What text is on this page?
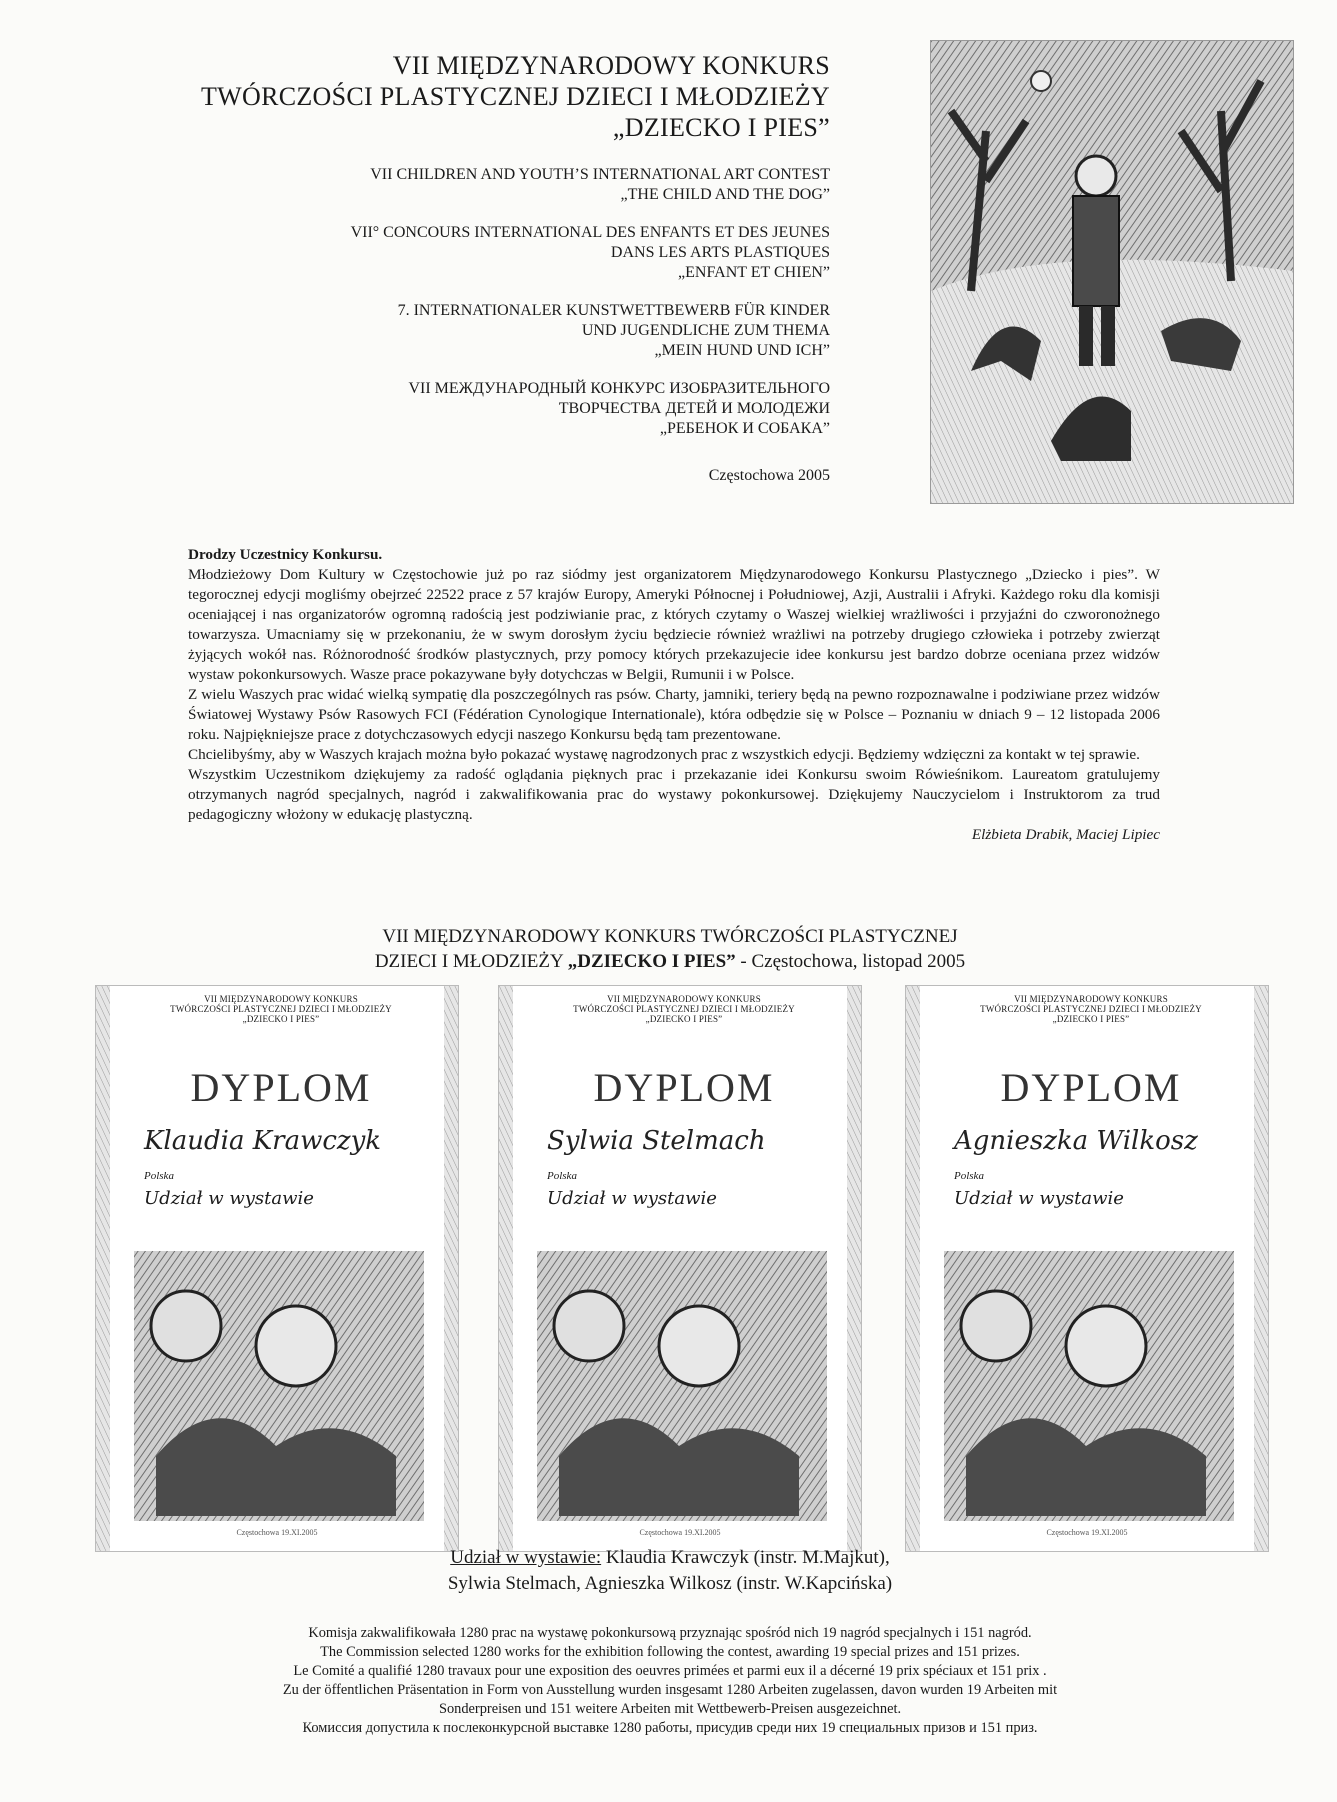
VII MIĘDZYNARODOWY KONKURS
TWÓRCZOŚCI PLASTYCZNEJ DZIECI I MŁODZIEŻY
„DZIECKO I PIES”
VII CHILDREN AND YOUTH’S INTERNATIONAL ART CONTEST
„THE CHILD AND THE DOG”
VII° CONCOURS INTERNATIONAL DES ENFANTS ET DES JEUNES
DANS LES ARTS PLASTIQUES
„ENFANT ET CHIEN”
7. INTERNATIONALER KUNSTWETTBEWERB FÜR KINDER
UND JUGENDLICHE ZUM THEMA
„MEIN HUND UND ICH”
VII МЕЖДУНАРОДНЫЙ КОНКУРС ИЗОБРАЗИТЕЛЬНОГО
ТВОРЧЕСТВА ДЕТЕЙ И МОЛОДЕЖИ
„РЕБЕНОК И СОБАКА”
Częstochowa 2005

Drodzy Uczestnicy Konkursu.

Młodzieżowy Dom Kultury w Częstochowie już po raz siódmy jest organizatorem Międzynarodowego Konkursu Plastycznego „Dziecko i pies”. W tegorocznej edycji mogliśmy obejrzeć 22522 prace z 57 krajów Europy, Ameryki Północnej i Południowej, Azji, Australii i Afryki. Każdego roku dla komisji oceniającej i nas organizatorów ogromną radością jest podziwianie prac, z których czytamy o Waszej wielkiej wrażliwości i przyjaźni do czworonożnego towarzysza. Umacniamy się w przekonaniu, że w swym dorosłym życiu będziecie również wrażliwi na potrzeby drugiego człowieka i potrzeby zwierząt żyjących wokół nas. Różnorodność środków plastycznych, przy pomocy których przekazujecie idee konkursu jest bardzo dobrze oceniana przez widzów wystaw pokonkursowych. Wasze prace pokazywane były dotychczas w Belgii, Rumunii i w Polsce.

Z wielu Waszych prac widać wielką sympatię dla poszczególnych ras psów. Charty, jamniki, teriery będą na pewno rozpoznawalne i podziwiane przez widzów Światowej Wystawy Psów Rasowych FCI (Fédération Cynologique Internationale), która odbędzie się w Polsce – Poznaniu w dniach 9 – 12 listopada 2006 roku. Najpiękniejsze prace z dotychczasowych edycji naszego Konkursu będą tam prezentowane.

Chcielibyśmy, aby w Waszych krajach można było pokazać wystawę nagrodzonych prac z wszystkich edycji. Będziemy wdzięczni za kontakt w tej sprawie.

Wszystkim Uczestnikom dziękujemy za radość oglądania pięknych prac i przekazanie idei Konkursu swoim Rówieśnikom. Laureatom gratulujemy otrzymanych nagród specjalnych, nagród i zakwalifikowania prac do wystawy pokonkursowej. Dziękujemy Nauczycielom i Instruktorom za trud pedagogiczny włożony w edukację plastyczną.

Elżbieta Drabik, Maciej Lipiec

VII MIĘDZYNARODOWY KONKURS TWÓRCZOŚCI PLASTYCZNEJ
DZIECI I MŁODZIEŻY „DZIECKO I PIES” - Częstochowa, listopad 2005
VII MIĘDZYNARODOWY KONKURS
TWÓRCZOŚCI PLASTYCZNEJ DZIECI I MŁODZIEŻY
„DZIECKO I PIES”
DYPLOM
Klaudia Krawczyk
Polska
Udział w wystawie
Częstochowa 19.XI.2005
VII MIĘDZYNARODOWY KONKURS
TWÓRCZOŚCI PLASTYCZNEJ DZIECI I MŁODZIEŻY
„DZIECKO I PIES”
DYPLOM
Sylwia Stelmach
Polska
Udział w wystawie
Częstochowa 19.XI.2005
VII MIĘDZYNARODOWY KONKURS
TWÓRCZOŚCI PLASTYCZNEJ DZIECI I MŁODZIEŻY
„DZIECKO I PIES”
DYPLOM
Agnieszka Wilkosz
Polska
Udział w wystawie
Częstochowa 19.XI.2005
Udział w wystawie: Klaudia Krawczyk (instr. M.Majkut),
Sylwia Stelmach, Agnieszka Wilkosz (instr. W.Kapcińska)

Komisja zakwalifikowała 1280 prac na wystawę pokonkursową przyznając spośród nich 19 nagród specjalnych i 151 nagród.

The Commission selected 1280 works for the exhibition following the contest, awarding 19 special prizes and 151 prizes.

Le Comité a qualifié 1280 travaux pour une exposition des oeuvres primées et parmi eux il a décerné 19 prix spéciaux et 151 prix .

Zu der öffentlichen Präsentation in Form von Ausstellung wurden insgesamt 1280 Arbeiten zugelassen, davon wurden 19 Arbeiten mit

Sonderpreisen und 151 weitere Arbeiten mit Wettbewerb-Preisen ausgezeichnet.

Комиссия допустила к послеконкурсной выставке 1280 работы, присудив среди них 19 специальных призов и 151 приз.
